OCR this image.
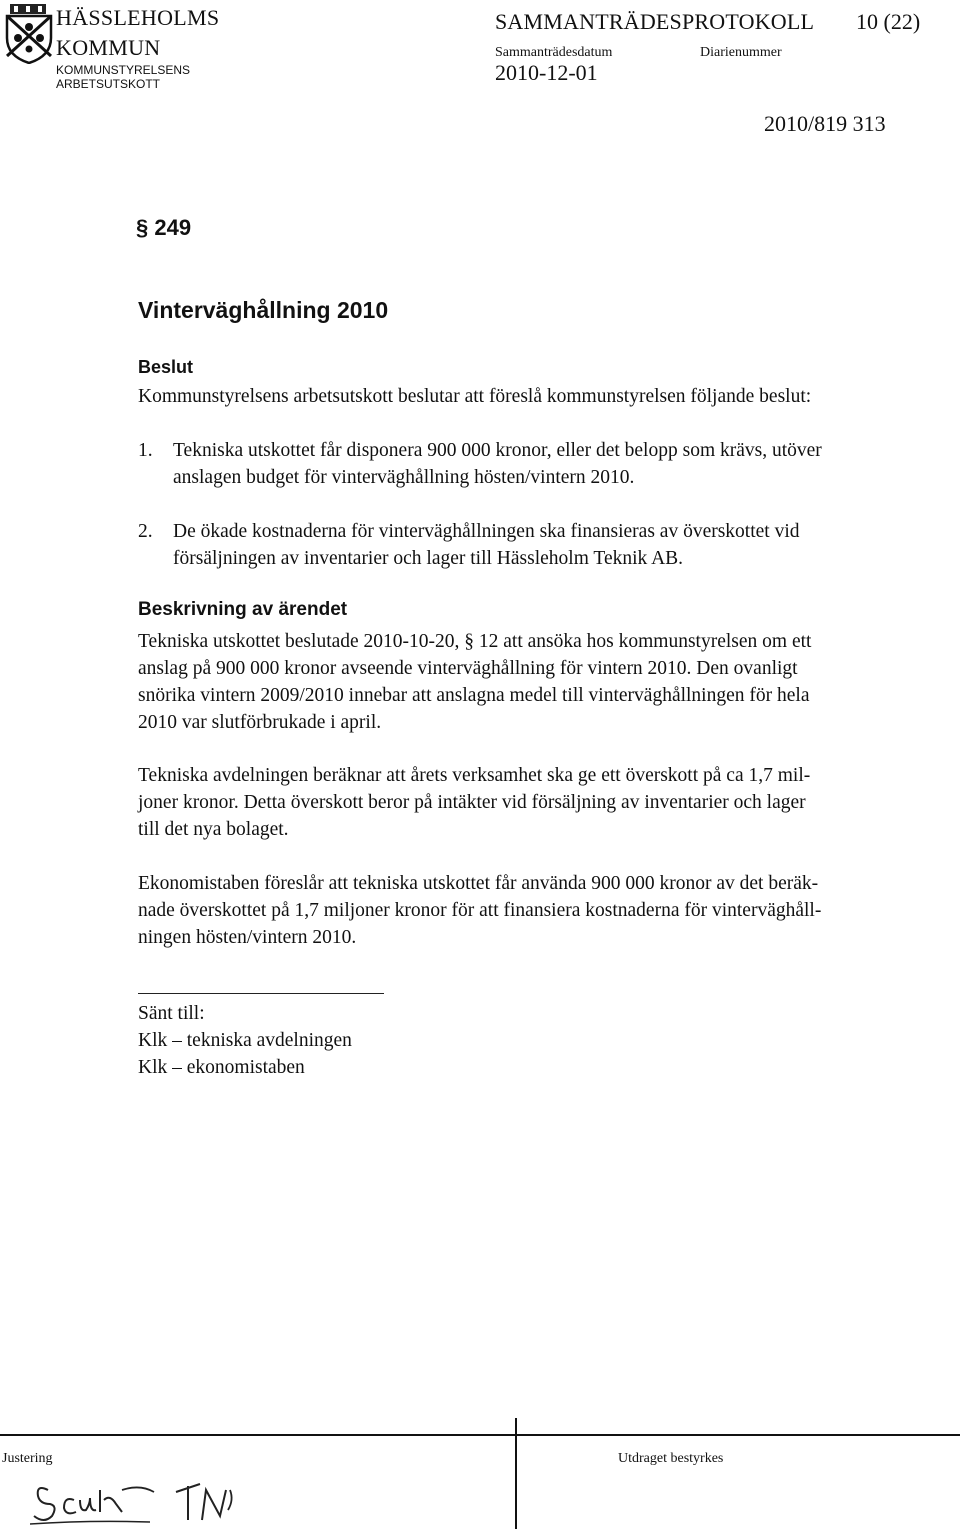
HÄSSLEHOLMS
KOMMUN
KOMMUNSTYRELSENS
ARBETSUTSKOTT
SAMMANTRÄDESPROTOKOLL 10 (22)
Sammanträdesdatum	Diarienummer
2010-12-01
2010/819 313
§ 249
Vinterväghållning 2010
Beslut
Kommunstyrelsens arbetsutskott beslutar att föreslå kommunstyrelsen följande beslut:
1. Tekniska utskottet får disponera 900 000 kronor, eller det belopp som krävs, utöver
anslagen budget för vinterväghållning hösten/vintern 2010.
2. De ökade kostnaderna för vinterväghållningen ska finansieras av överskottet vid
försäljningen av inventarier och lager till Hässleholm Teknik AB.
Beskrivning av ärendet
Tekniska utskottet beslutade 2010-10-20, § 12 att ansöka hos kommunstyrelsen om ett
anslag på 900 000 kronor avseende vinterväghållning för vintern 2010. Den ovanligt
snörika vintern 2009/2010 innebar att anslagna medel till vinterväghållningen för hela
2010 var slutförbrukade i april.
Tekniska avdelningen beräknar att årets verksamhet ska ge ett överskott på ca 1,7 mil-
joner kronor. Detta överskott beror på intäkter vid försäljning av inventarier och lager
till det nya bolaget.
Ekonomistaben föreslår att tekniska utskottet får använda 900 000 kronor av det beräk-
nade överskottet på 1,7 miljoner kronor för att finansiera kostnaderna för vinterväghåll-
ningen hösten/vintern 2010.
Sänt till:
Klk – tekniska avdelningen
Klk – ekonomistaben
Justering	Utdraget bestyrkes
